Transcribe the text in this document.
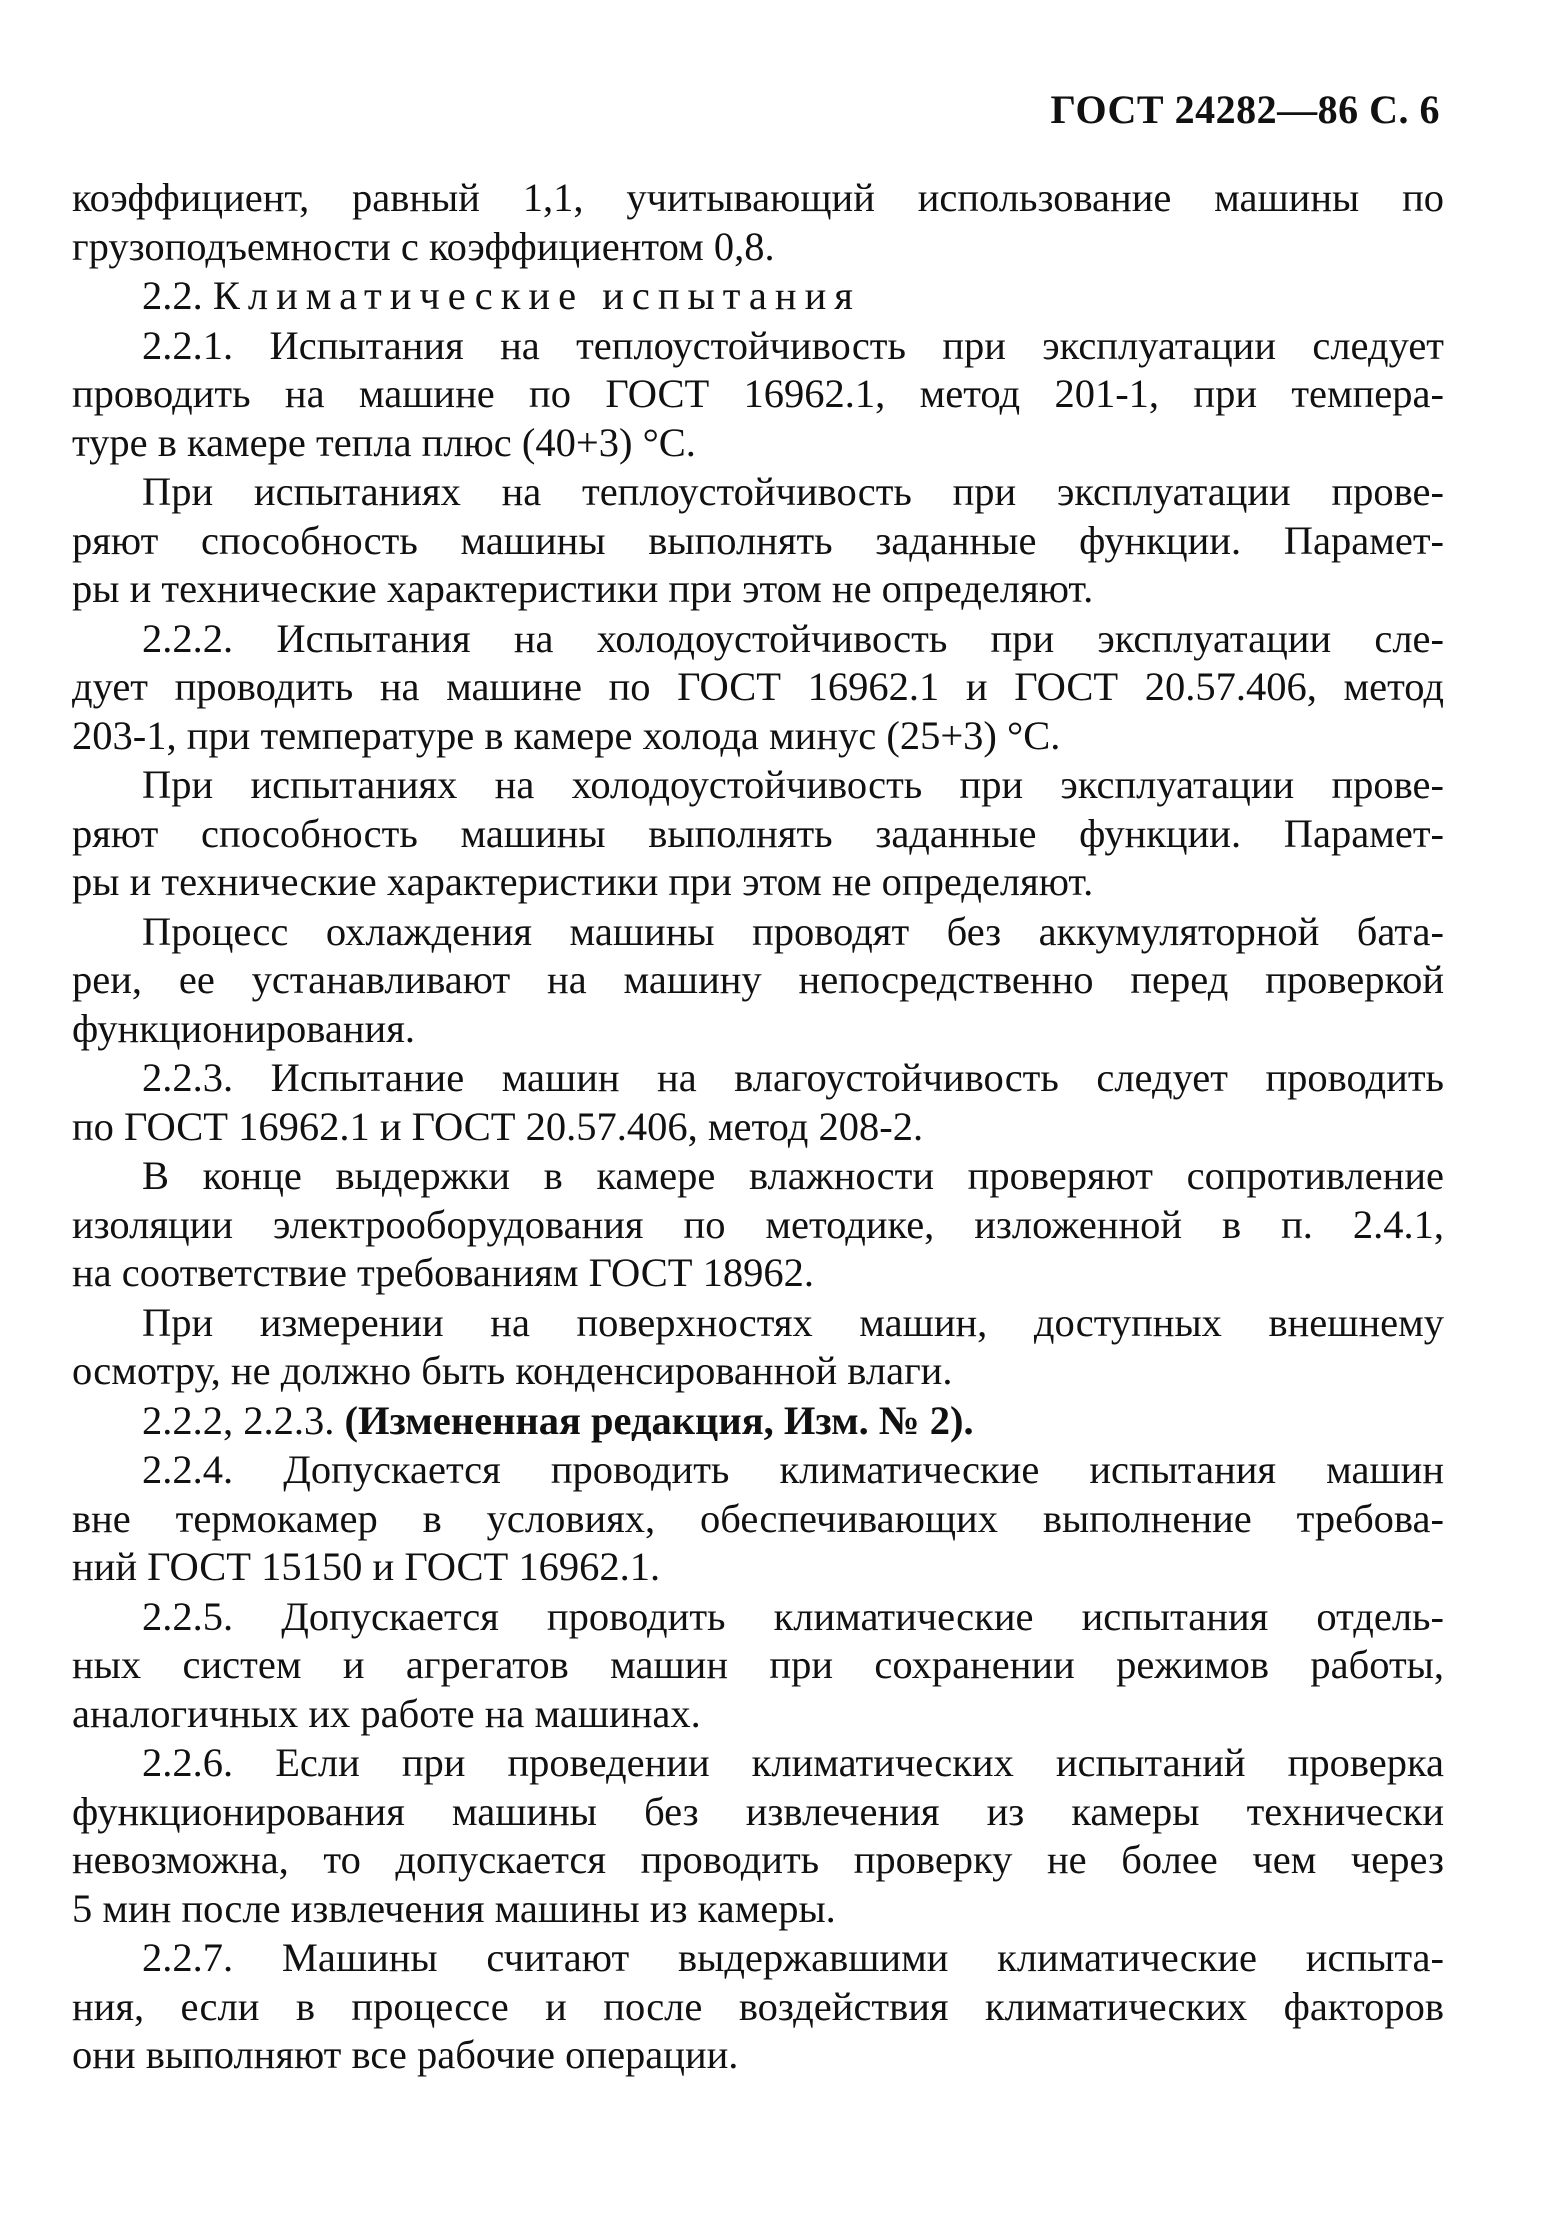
ГОСТ 24282—86 С. 6

коэффициент, равный 1,1, учитывающий использование машины по
грузоподъемности с коэффициентом 0,8.

2.2. Климатические испытания

2.2.1. Испытания на теплоустойчивость при эксплуатации следует
проводить на машине по ГОСТ 16962.1, метод 201-1, при темпера-
туре в камере тепла плюс (40+3) °С.

При испытаниях на теплоустойчивость при эксплуатации прове-
ряют способность машины выполнять заданные функции. Парамет-
ры и технические характеристики при этом не определяют.

2.2.2. Испытания на холодоустойчивость при эксплуатации сле-
дует проводить на машине по ГОСТ 16962.1 и ГОСТ 20.57.406, метод
203-1, при температуре в камере холода минус (25+3) °С.

При испытаниях на холодоустойчивость при эксплуатации прове-
ряют способность машины выполнять заданные функции. Парамет-
ры и технические характеристики при этом не определяют.

Процесс охлаждения машины проводят без аккумуляторной бата-
реи, ее устанавливают на машину непосредственно перед проверкой
функционирования.

2.2.3. Испытание машин на влагоустойчивость следует проводить
по ГОСТ 16962.1 и ГОСТ 20.57.406, метод 208-2.

В конце выдержки в камере влажности проверяют сопротивление
изоляции электрооборудования по методике, изложенной в п. 2.4.1,
на соответствие требованиям ГОСТ 18962.

При измерении на поверхностях машин, доступных внешнему
осмотру, не должно быть конденсированной влаги.

2.2.2, 2.2.3. (Измененная редакция, Изм. № 2).

2.2.4. Допускается проводить климатические испытания машин
вне термокамер в условиях, обеспечивающих выполнение требова-
ний ГОСТ 15150 и ГОСТ 16962.1.

2.2.5. Допускается проводить климатические испытания отдель-
ных систем и агрегатов машин при сохранении режимов работы,
аналогичных их работе на машинах.

2.2.6. Если при проведении климатических испытаний проверка
функционирования машины без извлечения из камеры технически
невозможна, то допускается проводить проверку не более чем через
5 мин после извлечения машины из камеры.

2.2.7. Машины считают выдержавшими климатические испыта-
ния, если в процессе и после воздействия климатических факторов
они выполняют все рабочие операции.
